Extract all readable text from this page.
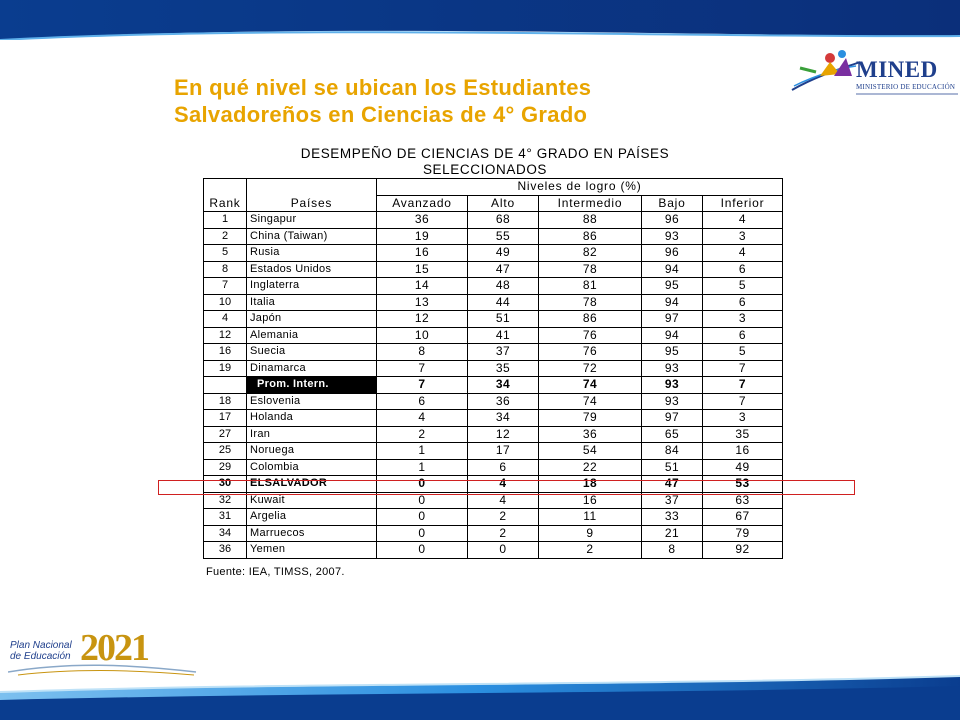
En qué nivel se ubican los Estudiantes
Salvadoreños en Ciencias de 4° Grado
MINED
MINISTERIO DE EDUCACIÓN
DESEMPEÑO DE CIENCIAS DE 4° GRADO EN PAÍSES
SELECCIONADOS
Rank	Países	Niveles de logro (%)				
		Avanzado	Alto	Intermedio	Bajo	Inferior
1	Singapur	36	68	88	96	4
2	China (Taiwan)	19	55	86	93	3
5	Rusia	16	49	82	96	4
8	Estados Unidos	15	47	78	94	6
7	Inglaterra	14	48	81	95	5
10	Italia	13	44	78	94	6
4	Japón	12	51	86	97	3
12	Alemania	10	41	76	94	6
16	Suecia	8	37	76	95	5
19	Dinamarca	7	35	72	93	7
	Prom. Intern.	7	34	74	93	7
18	Eslovenia	6	36	74	93	7
17	Holanda	4	34	79	97	3
27	Iran	2	12	36	65	35
25	Noruega	1	17	54	84	16
29	Colombia	1	6	22	51	49
30	ELSALVADOR	0	4	18	47	53
32	Kuwait	0	4	16	37	63
31	Argelia	0	2	11	33	67
34	Marruecos	0	2	9	21	79
36	Yemen	0	0	2	8	92
Fuente: IEA, TIMSS, 2007.
Plan Nacional
de Educación 2021
